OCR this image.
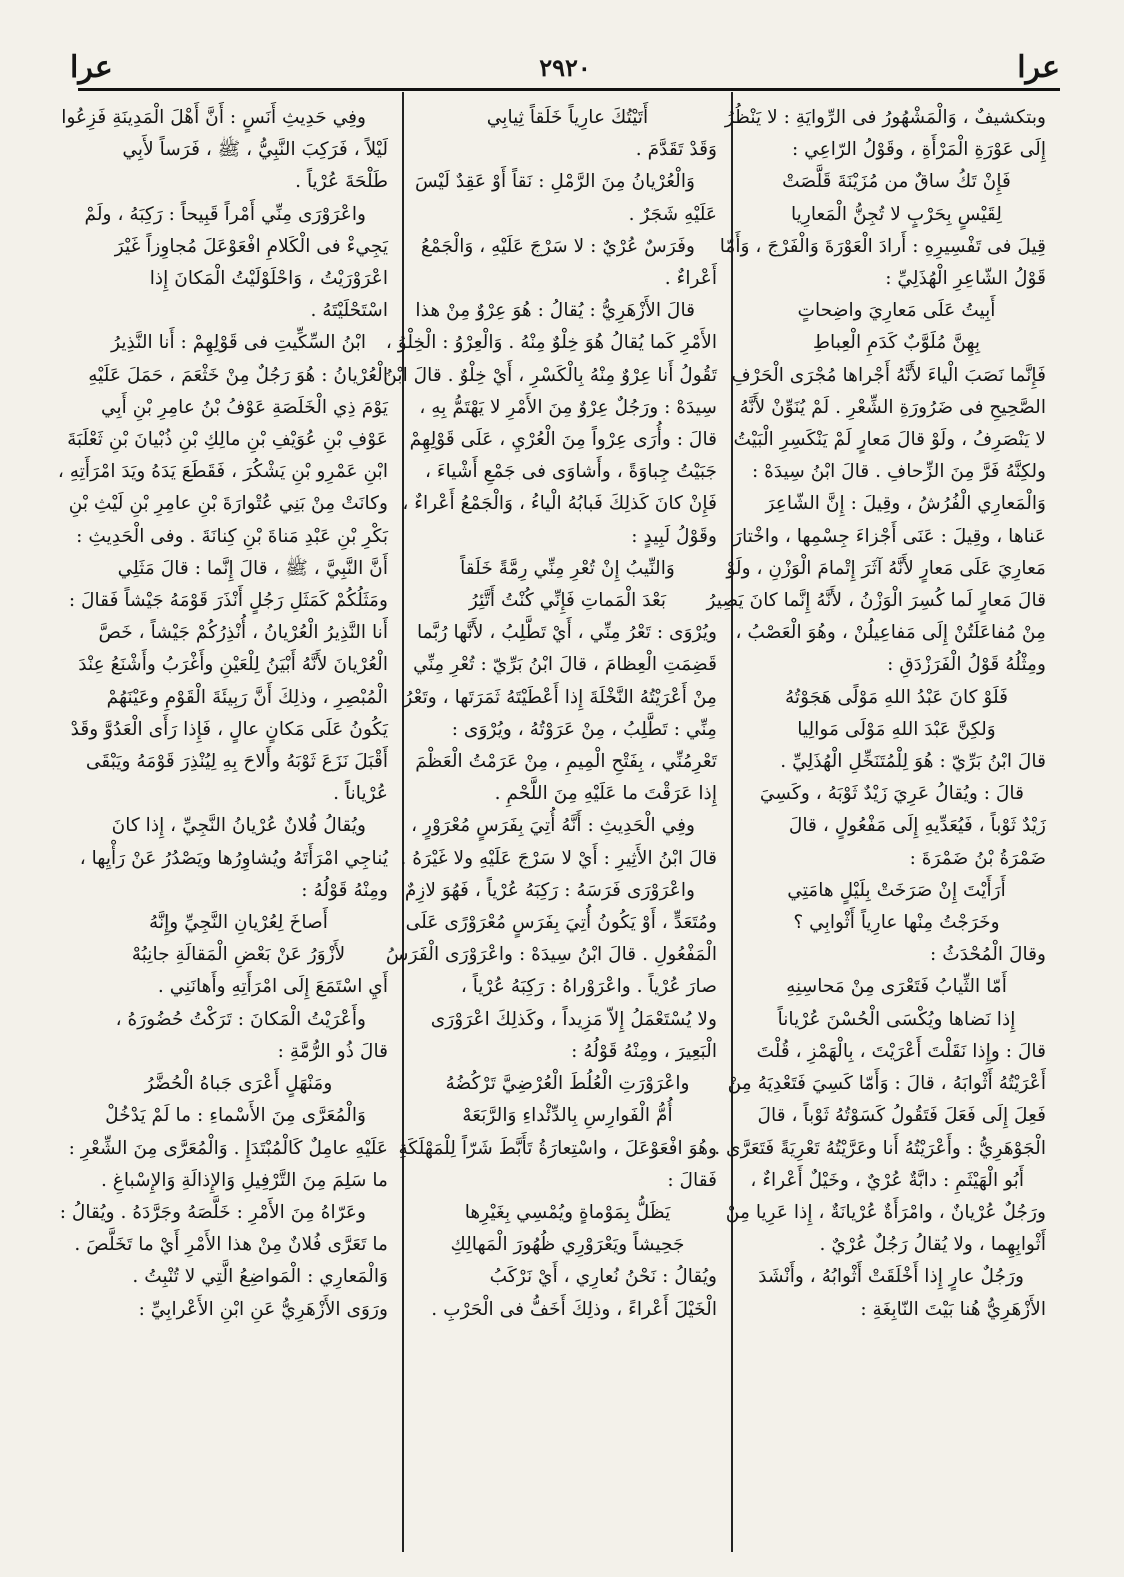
عرا
٢٩٢٠
عرا
وبتكشيفٌ ، وَالْمَشْهُورُ فى الرِّوايَةِ : لا يَنْظُرُ
إِلَى عَوْرَةِ الْمَرْأَةِ ، وقَوْلُ الرّاعِي :
فَإِنْ تَكُ ساقٌ من مُزَيْنَةَ قَلَّصَتْ
لِقَيْسٍ بِحَرْبٍ لا تُجِنُّ الْمَعارِيا
قِيلَ فى تَفْسِيرِهِ : أَرادَ الْعَوْرَةَ وَالْفَرْجَ ، وَأَمّا
قَوْلُ الشّاعِرِ الْهُذَلِيِّ :
أَبِيتُ عَلَى مَعارِيَ واضِحاتٍ
بِهِنَّ مُلَوَّبٌ كَدَمِ الْعِباطِ
فَإِنَّما نَصَبَ الْياءَ لأَنَّهُ أَجْراها مُجْرَى الْحَرْفِ
الصَّحِيحِ فى ضَرُورَةِ الشِّعْرِ . لَمْ يُنَوِّنْ لأَنَّهُ
لا يَنْصَرِفُ ، ولَوْ قالَ مَعارٍ لَمْ يَنْكَسِرِ الْبَيْتُ
ولكِنَّهُ فَرَّ مِنَ الزِّحافِ . قالَ ابْنُ سِيدَهْ :
وَالْمَعارِي الْفُرُشُ ، وقِيلَ : إِنَّ الشّاعِرَ
عَناها ، وقِيلَ : عَنَى أَجْزاءَ جِسْمِها ، واخْتارَ
مَعارِيَ عَلَى مَعارٍ لأَنَّهُ آثَرَ إِتْمامَ الْوَزْنِ ، ولَوْ
قالَ مَعارٍ لَما كُسِرَ الْوَزْنُ ، لأَنَّهُ إِنَّما كانَ يَصِيرُ
مِنْ مُفاعَلَتُنْ إِلَى مَفاعِيلُنْ ، وهُوَ الْعَصْبُ ،
ومِثْلُهُ قَوْلُ الْفَرَزْدَقِ :
فَلَوْ كانَ عَبْدُ اللهِ مَوْلًى هَجَوْتُهُ
وَلكِنَّ عَبْدَ اللهِ مَوْلَى مَوالِيا
قالَ ابْنُ بَرِّيّ : هُوَ لِلْمُتَنَخِّلِ الْهُذَلِيِّ .
قالَ : ويُقالُ عَرِيَ زَيْدٌ ثَوْبَهُ ، وكَسِيَ
زَيْدٌ ثَوْباً ، فَيُعَدِّيهِ إِلَى مَفْعُولٍ ، قالَ
ضَمْرَةُ بْنُ ضَمْرَةَ :
أَرَأَيْتَ إِنْ صَرَخَتْ بِلَيْلٍ هامَتِي
وخَرَجْتُ مِنْها عارِياً أَثْوابِي ؟
وقالَ الْمُحْدَثُ :
أَمّا الثِّيابُ فَتَعْرَى مِنْ مَحاسِنِهِ
إِذا نَضاها ويُكْسَى الْحُسْنَ عُرْياناً
قالَ : وإِذا نَقَلْتَ أَعْرَيْتَ ، بِالْهَمْزِ ، قُلْتَ
أَعْرَيْتُهُ أَثْوابَهُ ، قالَ : وَأَمّا كَسِيَ فَتَعْدِيَهُ مِنْ
فَعِلَ إِلَى فَعَلَ فَتَقُولُ كَسَوْتُهُ ثَوْباً ، قالَ
الْجَوْهَرِيُّ : وأَعْرَيْتُهُ أَنا وعَرَّيْتُهُ تَعْرِيَةً فَتَعَرَّى .
أَبُو الْهَيْثَمِ : دابَّةٌ عُرْيٌ ، وخَيْلٌ أَعْراءٌ ،
ورَجُلٌ عُرْيانٌ ، وامْرَأَةٌ عُرْيانَةٌ ، إِذا عَرِيا مِنْ
أَثْوابِهِما ، ولا يُقالُ رَجُلٌ عُرْيٌ .
ورَجُلٌ عارٍ إِذا أَخْلَقَتْ أَثْوابُهُ ، وأَنْشَدَ
الأَزْهَرِيُّ هُنا بَيْتَ النّابِغَةِ :
أَتَيْتُكَ عارِياً خَلَقاً ثِيابِي
وَقَدْ تَقَدَّمَ .
وَالْعُرْيانُ مِنَ الرَّمْلِ : نَقاً أَوْ عَقِدٌ لَيْسَ
عَلَيْهِ شَجَرٌ .
وفَرَسٌ عُرْيٌ : لا سَرْجَ عَلَيْهِ ، وَالْجَمْعُ
أَعْراءٌ .
قالَ الأَزْهَرِيُّ : يُقالُ : هُوَ عِرْوٌ مِنْ هذا
الأَمْرِ كَما يُقالُ هُوَ خِلْوٌ مِنْهُ . وَالْعِرْوُ : الْخِلْوُ ،
تَقُولُ أَنا عِرْوٌ مِنْهُ بِالْكَسْرِ ، أَيْ خِلْوٌ . قالَ ابْنُ
سِيدَهْ : ورَجُلٌ عِرْوٌ مِنَ الأَمْرِ لا يَهْتَمُّ بِهِ ،
قالَ : وأُرَى عِرْواً مِنَ الْعُرْيِ ، عَلَى قَوْلِهِمْ
جَبَيْتُ جِباوَةً ، وأَشاوَى فى جَمْعِ أَشْياءَ ،
فَإِنْ كانَ كَذلِكَ فَبابُهُ الْياءُ ، وَالْجَمْعُ أَعْراءٌ ،
وقَوْلُ لَبِيدٍ :
وَالنِّيبُ إِنْ تُعْرِ مِنِّي رِمَّةً خَلَقاً
بَعْدَ الْمَماتِ فَإِنِّي كُنْتُ أَتَّئِرُ
ويُرْوَى : تَعْرُ مِنِّي ، أَيْ تَطَّلِبُ ، لأَنَّها رُبَّما
قَضِمَتِ الْعِظامَ ، قالَ ابْنُ بَرِّيّ : تُعْرِ مِنِّي
مِنْ أَعْرَيْتُهُ النَّخْلَةَ إِذا أَعْطَيْتَهُ ثَمَرَتَها ، وتَعْرُ
مِنِّي : تَطَّلِبُ ، مِنْ عَرَوْتُهُ ، ويُرْوَى :
تَعْرِمُنِّي ، بِفَتْحِ الْمِيمِ ، مِنْ عَرَمْتُ الْعَظْمَ
إِذا عَرَقْتَ ما عَلَيْهِ مِنَ اللَّحْمِ .
وفِي الْحَدِيثِ : أَنَّهُ أُتِيَ بِفَرَسٍ مُعْرَوْرٍ ،
قالَ ابْنُ الأَثِيرِ : أَيْ لا سَرْجَ عَلَيْهِ ولا غَيْرَهُ .
واعْرَوْرَى فَرَسَهُ : رَكِبَهُ عُرْياً ، فَهُوَ لازِمٌ
ومُتَعَدٍّ ، أَوْ يَكُونُ أُتِيَ بِفَرَسٍ مُعْرَوْرًى عَلَى
الْمَفْعُولِ . قالَ ابْنُ سِيدَهْ : واعْرَوْرَى الْفَرَسُ
صارَ عُرْياً . واعْرَوْراهُ : رَكِبَهُ عُرْياً ،
ولا يُسْتَعْمَلُ إِلاّ مَزِيداً ، وكَذلِكَ اعْرَوْرَى
الْبَعِيرَ ، ومِنْهُ قَوْلُهُ :
واعْرَوْرَتِ الْعُلُطَ الْعُرْضِيَّ تَرْكُضُهُ
أُمُّ الْفَوارِسِ بِالدِّئْداءِ وَالرَّبَعَهْ
وهُوَ افْعَوْعَلَ ، واسْتِعارَةُ تَأَبَّطَ شَرّاً لِلْمَهْلَكَةِ
فَقالَ :
يَظَلُّ بِمَوْماةٍ ويُمْسِي بِغَيْرِها
جَحِيشاً ويَعْرَوْرِي ظُهُورَ الْمَهالِكِ
ويُقالُ : نَحْنُ نُعارِي ، أَيْ نَرْكَبُ
الْخَيْلَ أَعْراءً ، وذلِكَ أَخَفُّ فى الْحَرْبِ .
وفِي حَدِيثِ أَنَسٍ : أَنَّ أَهْلَ الْمَدِينَةِ فَزِعُوا
لَيْلاً ، فَرَكِبَ النَّبِيُّ ، ﷺ ، فَرَساً لأَبِي
طَلْحَةَ عُرْياً .
واعْرَوْرَى مِنِّي أَمْراً قَبِيحاً : رَكِبَهُ ، ولَمْ
يَجِيءْ فى الْكَلامِ افْعَوْعَلَ مُجاوِزاً غَيْرَ
اعْرَوْرَيْتُ ، وَاحْلَوْلَيْتُ الْمَكانَ إِذا
اسْتَحْلَيْتَهُ .
ابْنُ السِّكِّيتِ فى قَوْلِهِمْ : أَنا النَّذِيرُ
الْعُرْيانُ : هُوَ رَجُلٌ مِنْ خَثْعَمَ ، حَمَلَ عَلَيْهِ
يَوْمَ ذِي الْخَلَصَةِ عَوْفُ بْنُ عامِرِ بْنِ أَبِي
عَوْفِ بْنِ عُوَيْفِ بْنِ مالِكِ بْنِ ذُبْيانَ بْنِ ثَعْلَبَةَ
ابْنِ عَمْرِو بْنِ يَشْكُرَ ، فَقَطَعَ يَدَهُ ويَدَ امْرَأَتِهِ ،
وكانَتْ مِنْ بَنِي عُتْوارَةَ بْنِ عامِرِ بْنِ لَيْثِ بْنِ
بَكْرِ بْنِ عَبْدِ مَناةَ بْنِ كِنانَةَ . وفى الْحَدِيثِ :
أَنَّ النَّبِيَّ ، ﷺ ، قالَ إِنَّما : قالَ مَثَلِي
ومَثَلُكُمْ كَمَثَلِ رَجُلٍ أَنْذَرَ قَوْمَهُ جَيْشاً فَقالَ :
أَنا النَّذِيرُ الْعُرْيانُ ، أُنْذِرُكُمْ جَيْشاً ، خَصَّ
الْعُرْيانَ لأَنَّهُ أَبْيَنُ لِلْعَيْنِ وأَغْرَبُ وأَشْنَعُ عِنْدَ
الْمُبْصِرِ ، وذلِكَ أَنَّ رَبِيئَةَ الْقَوْمِ وعَيْنَهُمْ
يَكُونُ عَلَى مَكانٍ عالٍ ، فَإِذا رَأَى الْعَدُوَّ وقَدْ
أَقْبَلَ نَزَعَ ثَوْبَهُ وأَلاحَ بِهِ لِيُنْذِرَ قَوْمَهُ ويَبْقَى
عُرْياناً .
ويُقالُ فُلانٌ عُرْيانُ النَّجِيِّ ، إِذا كانَ
يُناجِي امْرَأَتَهُ ويُشاوِرُها ويَصْدُرُ عَنْ رَأْيِها ،
ومِنْهُ قَوْلُهُ :
أَصاخَ لِعُرْيانِ النَّجِيِّ وإِنَّهُ
لأَزْوَرُ عَنْ بَعْضِ الْمَقالَةِ جانِبُهْ
أَيِ اسْتَمَعَ إِلَى امْرَأَتِهِ وأَهانَنِي .
وأَعْرَيْتُ الْمَكانَ : تَرَكْتُ حُضُورَهُ ،
قالَ ذُو الرُّمَّةِ :
ومَنْهَلٍ أَعْرَى جَباهُ الْحُضَّرُ
وَالْمُعَرَّى مِنَ الأَسْماءِ : ما لَمْ يَدْخُلْ
عَلَيْهِ عامِلٌ كَالْمُبْتَدَإِ . وَالْمُعَرَّى مِنَ الشِّعْرِ :
ما سَلِمَ مِنَ التَّرْفِيلِ وَالإِذالَةِ وَالإِسْباغِ .
وعَرّاهُ مِنَ الأَمْرِ : خَلَّصَهُ وجَرَّدَهُ . ويُقالُ :
ما تَعَرَّى فُلانٌ مِنْ هذا الأَمْرِ أَيْ ما تَخَلَّصَ .
وَالْمَعارِي : الْمَواضِعُ الَّتِي لا تُنْبِتُ .
ورَوَى الأَزْهَرِيُّ عَنِ ابْنِ الأَعْرابِيِّ :
